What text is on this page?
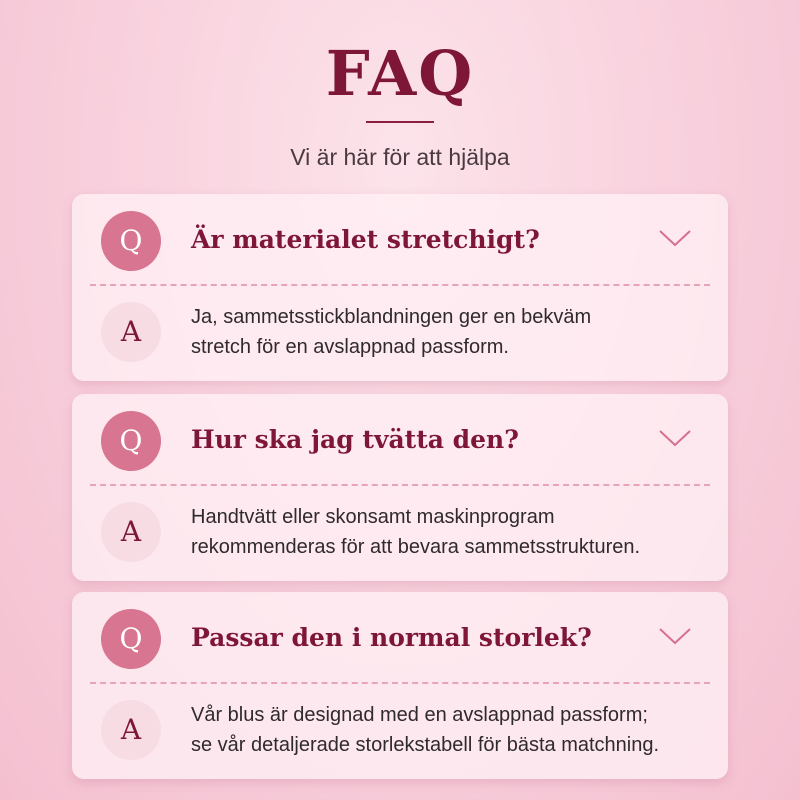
FAQ
Vi är här för att hjälpa
Q	Är materialet stretchigt?
A	Ja, sammetsstickblandningen ger en bekväm
stretch för en avslappnad passform.
Q	Hur ska jag tvätta den?
A	Handtvätt eller skonsamt maskinprogram
rekommenderas för att bevara sammetsstrukturen.
Q	Passar den i normal storlek?
A	Vår blus är designad med en avslappnad passform;
se vår detaljerade storlekstabell för bästa matchning.
